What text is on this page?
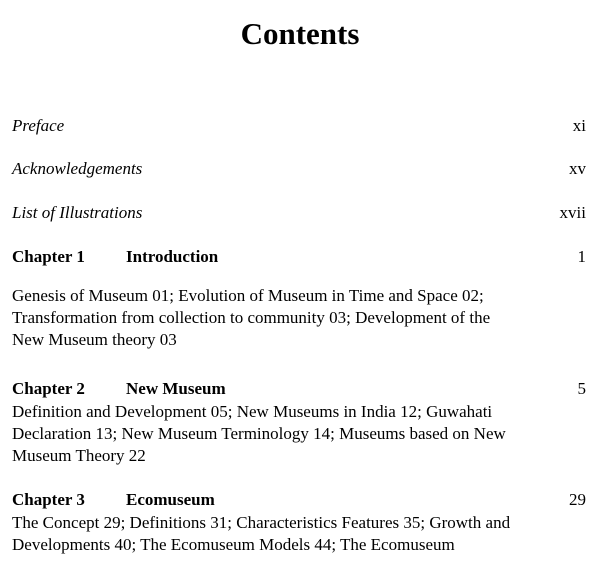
Contents
Preface	xi
Acknowledgements	xv
List of Illustrations	xvii
Chapter 1 Introduction	1

Genesis of Museum 01; Evolution of Museum in Time and Space 02;
Transformation from collection to community 03; Development of the
New Museum theory 03

Chapter 2 New Museum	5

Definition and Development 05; New Museums in India 12; Guwahati
Declaration 13; New Museum Terminology 14; Museums based on New
Museum Theory 22

Chapter 3 Ecomuseum	29

The Concept 29; Definitions 31; Characteristics Features 35; Growth and
Developments 40; The Ecomuseum Models 44; The Ecomuseum
